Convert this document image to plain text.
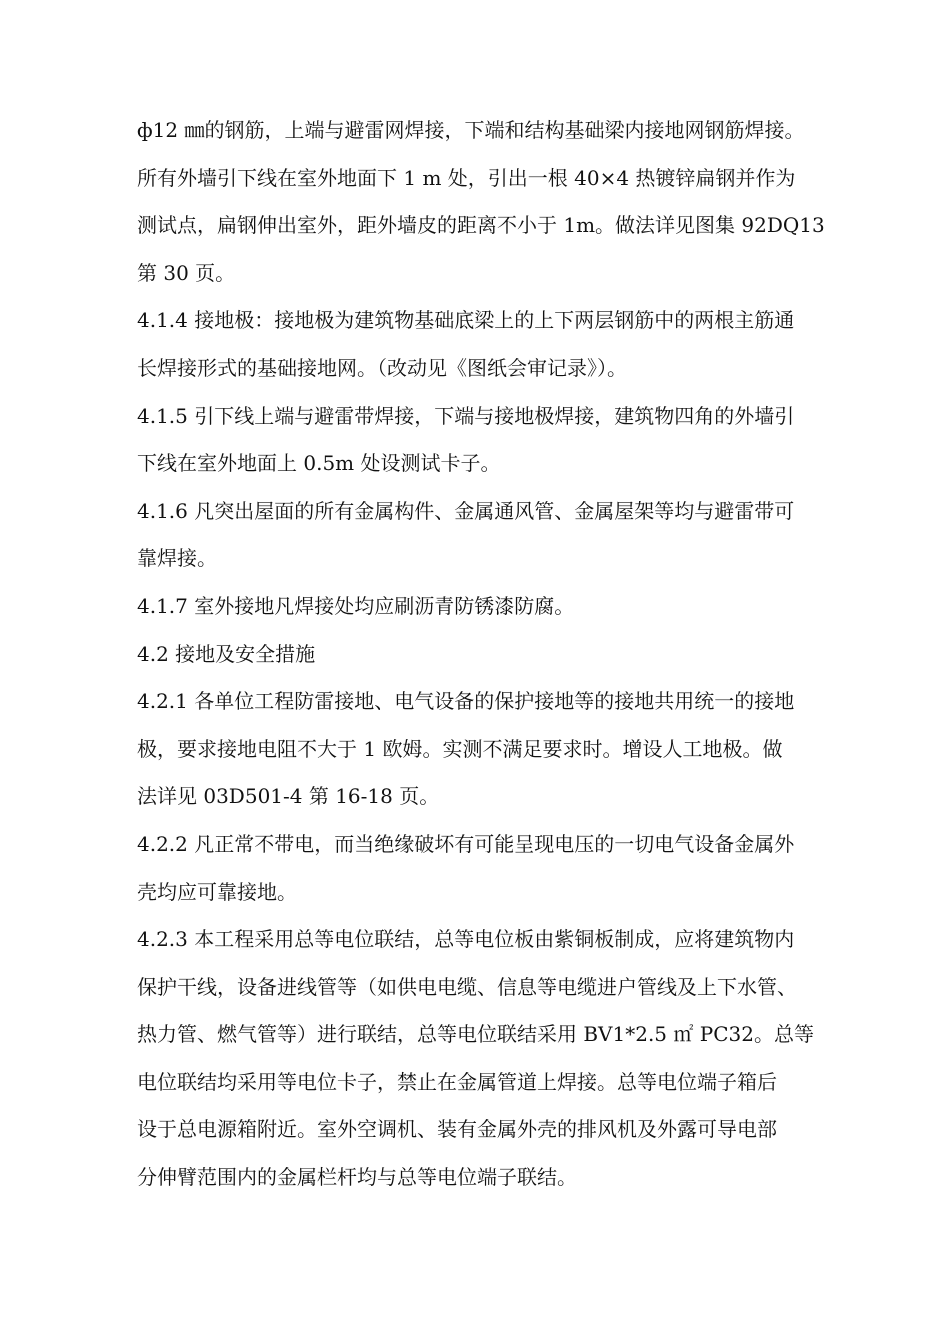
ф12 ㎜的钢筋，上端与避雷网焊接，下端和结构基础梁内接地网钢筋焊接。
所有外墙引下线在室外地面下 1 m 处，引出一根 40×4 热镀锌扁钢并作为
测试点，扁钢伸出室外，距外墙皮的距离不小于 1m。做法详见图集 92DQ13
第 30 页。
4.1.4 接地极：接地极为建筑物基础底梁上的上下两层钢筋中的两根主筋通
长焊接形式的基础接地网。（改动见《图纸会审记录》）。
4.1.5 引下线上端与避雷带焊接，下端与接地极焊接，建筑物四角的外墙引
下线在室外地面上 0.5m 处设测试卡子。
4.1.6 凡突出屋面的所有金属构件、金属通风管、金属屋架等均与避雷带可
靠焊接。
4.1.7 室外接地凡焊接处均应刷沥青防锈漆防腐。
4.2 接地及安全措施
4.2.1 各单位工程防雷接地、电气设备的保护接地等的接地共用统一的接地
极，要求接地电阻不大于 1 欧姆。实测不满足要求时。增设人工地极。做
法详见 03D501-4 第 16-18 页。
4.2.2 凡正常不带电，而当绝缘破坏有可能呈现电压的一切电气设备金属外
壳均应可靠接地。
4.2.3 本工程采用总等电位联结，总等电位板由紫铜板制成，应将建筑物内
保护干线，设备进线管等（如供电电缆、信息等电缆进户管线及上下水管、
热力管、燃气管等）进行联结，总等电位联结采用 BV1*2.5 ㎡ PC32。总等
电位联结均采用等电位卡子，禁止在金属管道上焊接。总等电位端子箱后
设于总电源箱附近。室外空调机、装有金属外壳的排风机及外露可导电部
分伸臂范围内的金属栏杆均与总等电位端子联结。
